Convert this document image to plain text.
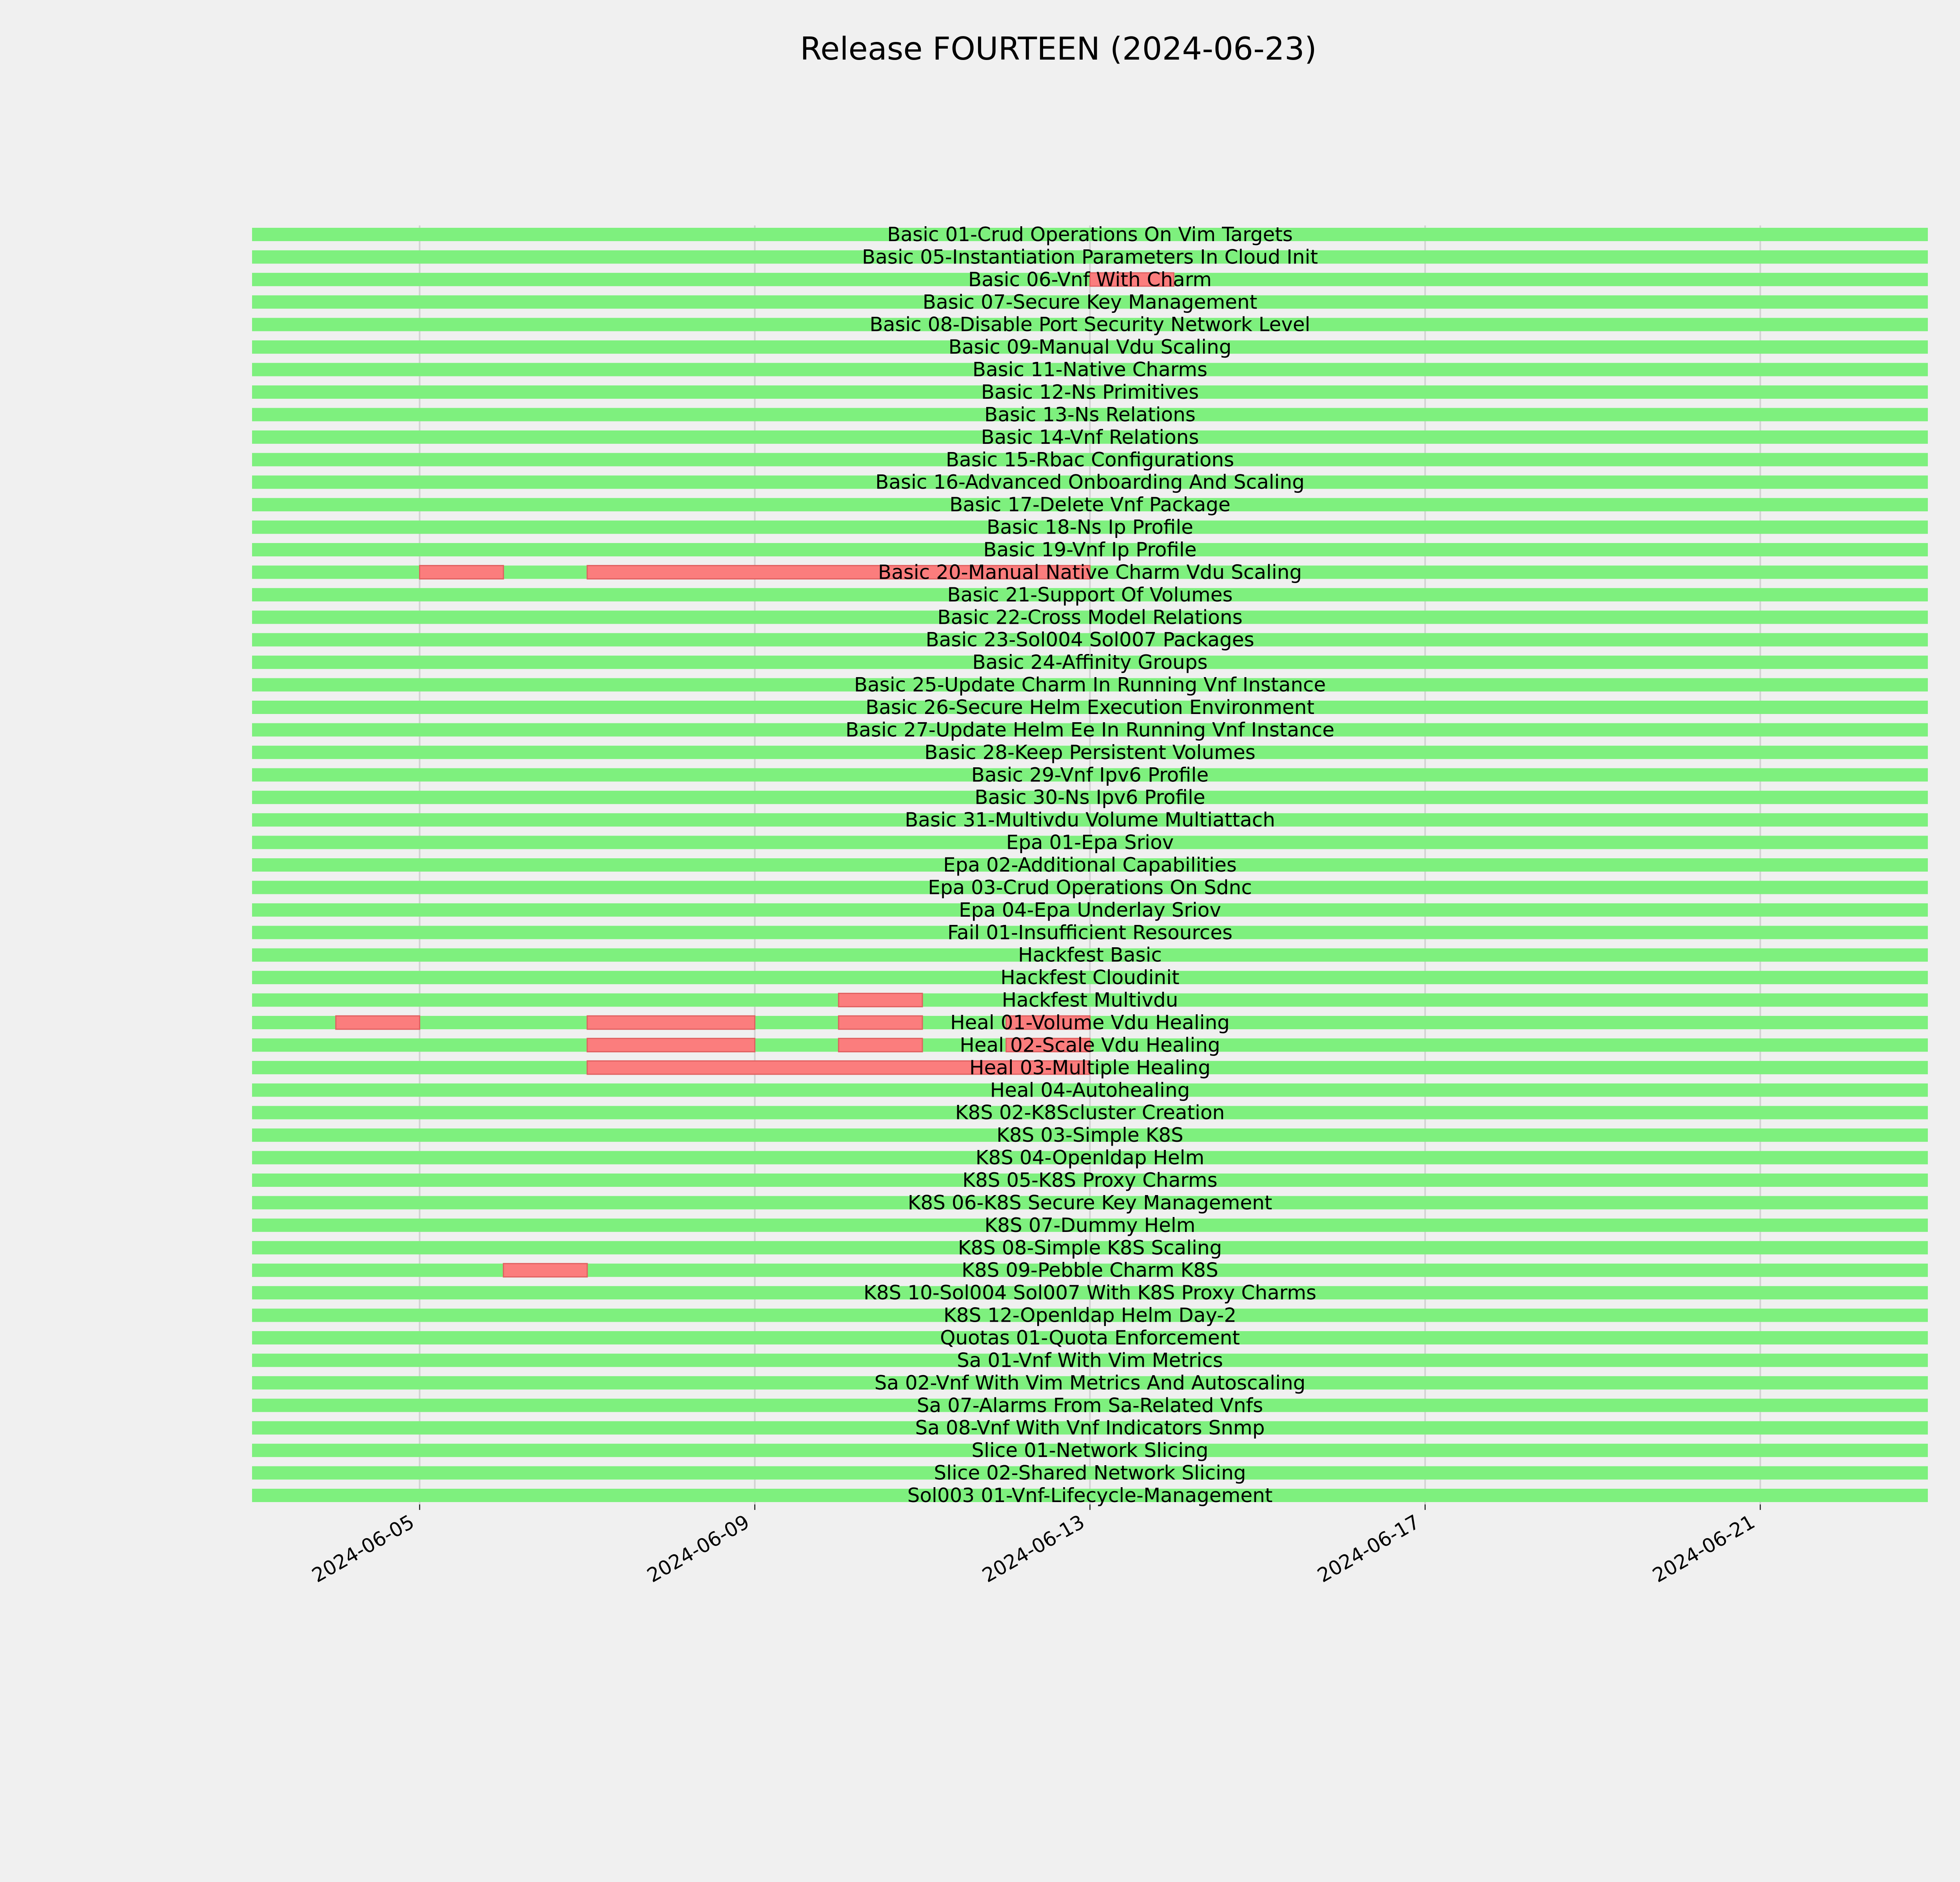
Basic 01-Crud Operations On Vim Targets
Basic 05-Instantiation Parameters In Cloud Init
Basic 06-Vnf With Charm
Basic 07-Secure Key Management
Basic 08-Disable Port Security Network Level
Basic 09-Manual Vdu Scaling
Basic 11-Native Charms
Basic 12-Ns Primitives
Basic 13-Ns Relations
Basic 14-Vnf Relations
Basic 15-Rbac Configurations
Basic 16-Advanced Onboarding And Scaling
Basic 17-Delete Vnf Package
Basic 18-Ns Ip Profile
Basic 19-Vnf Ip Profile
Basic 20-Manual Native Charm Vdu Scaling
Basic 21-Support Of Volumes
Basic 22-Cross Model Relations
Basic 23-Sol004 Sol007 Packages
Basic 24-Affinity Groups
Basic 25-Update Charm In Running Vnf Instance
Basic 26-Secure Helm Execution Environment
Basic 27-Update Helm Ee In Running Vnf Instance
Basic 28-Keep Persistent Volumes
Basic 29-Vnf Ipv6 Profile
Basic 30-Ns Ipv6 Profile
Basic 31-Multivdu Volume Multiattach
Epa 01-Epa Sriov
Epa 02-Additional Capabilities
Epa 03-Crud Operations On Sdnc
Epa 04-Epa Underlay Sriov
Fail 01-Insufficient Resources
Hackfest Basic
Hackfest Cloudinit
Hackfest Multivdu
Heal 01-Volume Vdu Healing
Heal 02-Scale Vdu Healing
Heal 03-Multiple Healing
Heal 04-Autohealing
K8S 02-K8Scluster Creation
K8S 03-Simple K8S
K8S 04-Openldap Helm
K8S 05-K8S Proxy Charms
K8S 06-K8S Secure Key Management
K8S 07-Dummy Helm
K8S 08-Simple K8S Scaling
K8S 09-Pebble Charm K8S
K8S 10-Sol004 Sol007 With K8S Proxy Charms
K8S 12-Openldap Helm Day-2
Quotas 01-Quota Enforcement
Sa 01-Vnf With Vim Metrics
Sa 02-Vnf With Vim Metrics And Autoscaling
Sa 07-Alarms From Sa-Related Vnfs
Sa 08-Vnf With Vnf Indicators Snmp
Slice 01-Network Slicing
Slice 02-Shared Network Slicing
Sol003 01-Vnf-Lifecycle-Management
2024-06-05	2024-06-09	2024-06-13	2024-06-17	2024-06-21
Release FOURTEEN (2024-06-23)
